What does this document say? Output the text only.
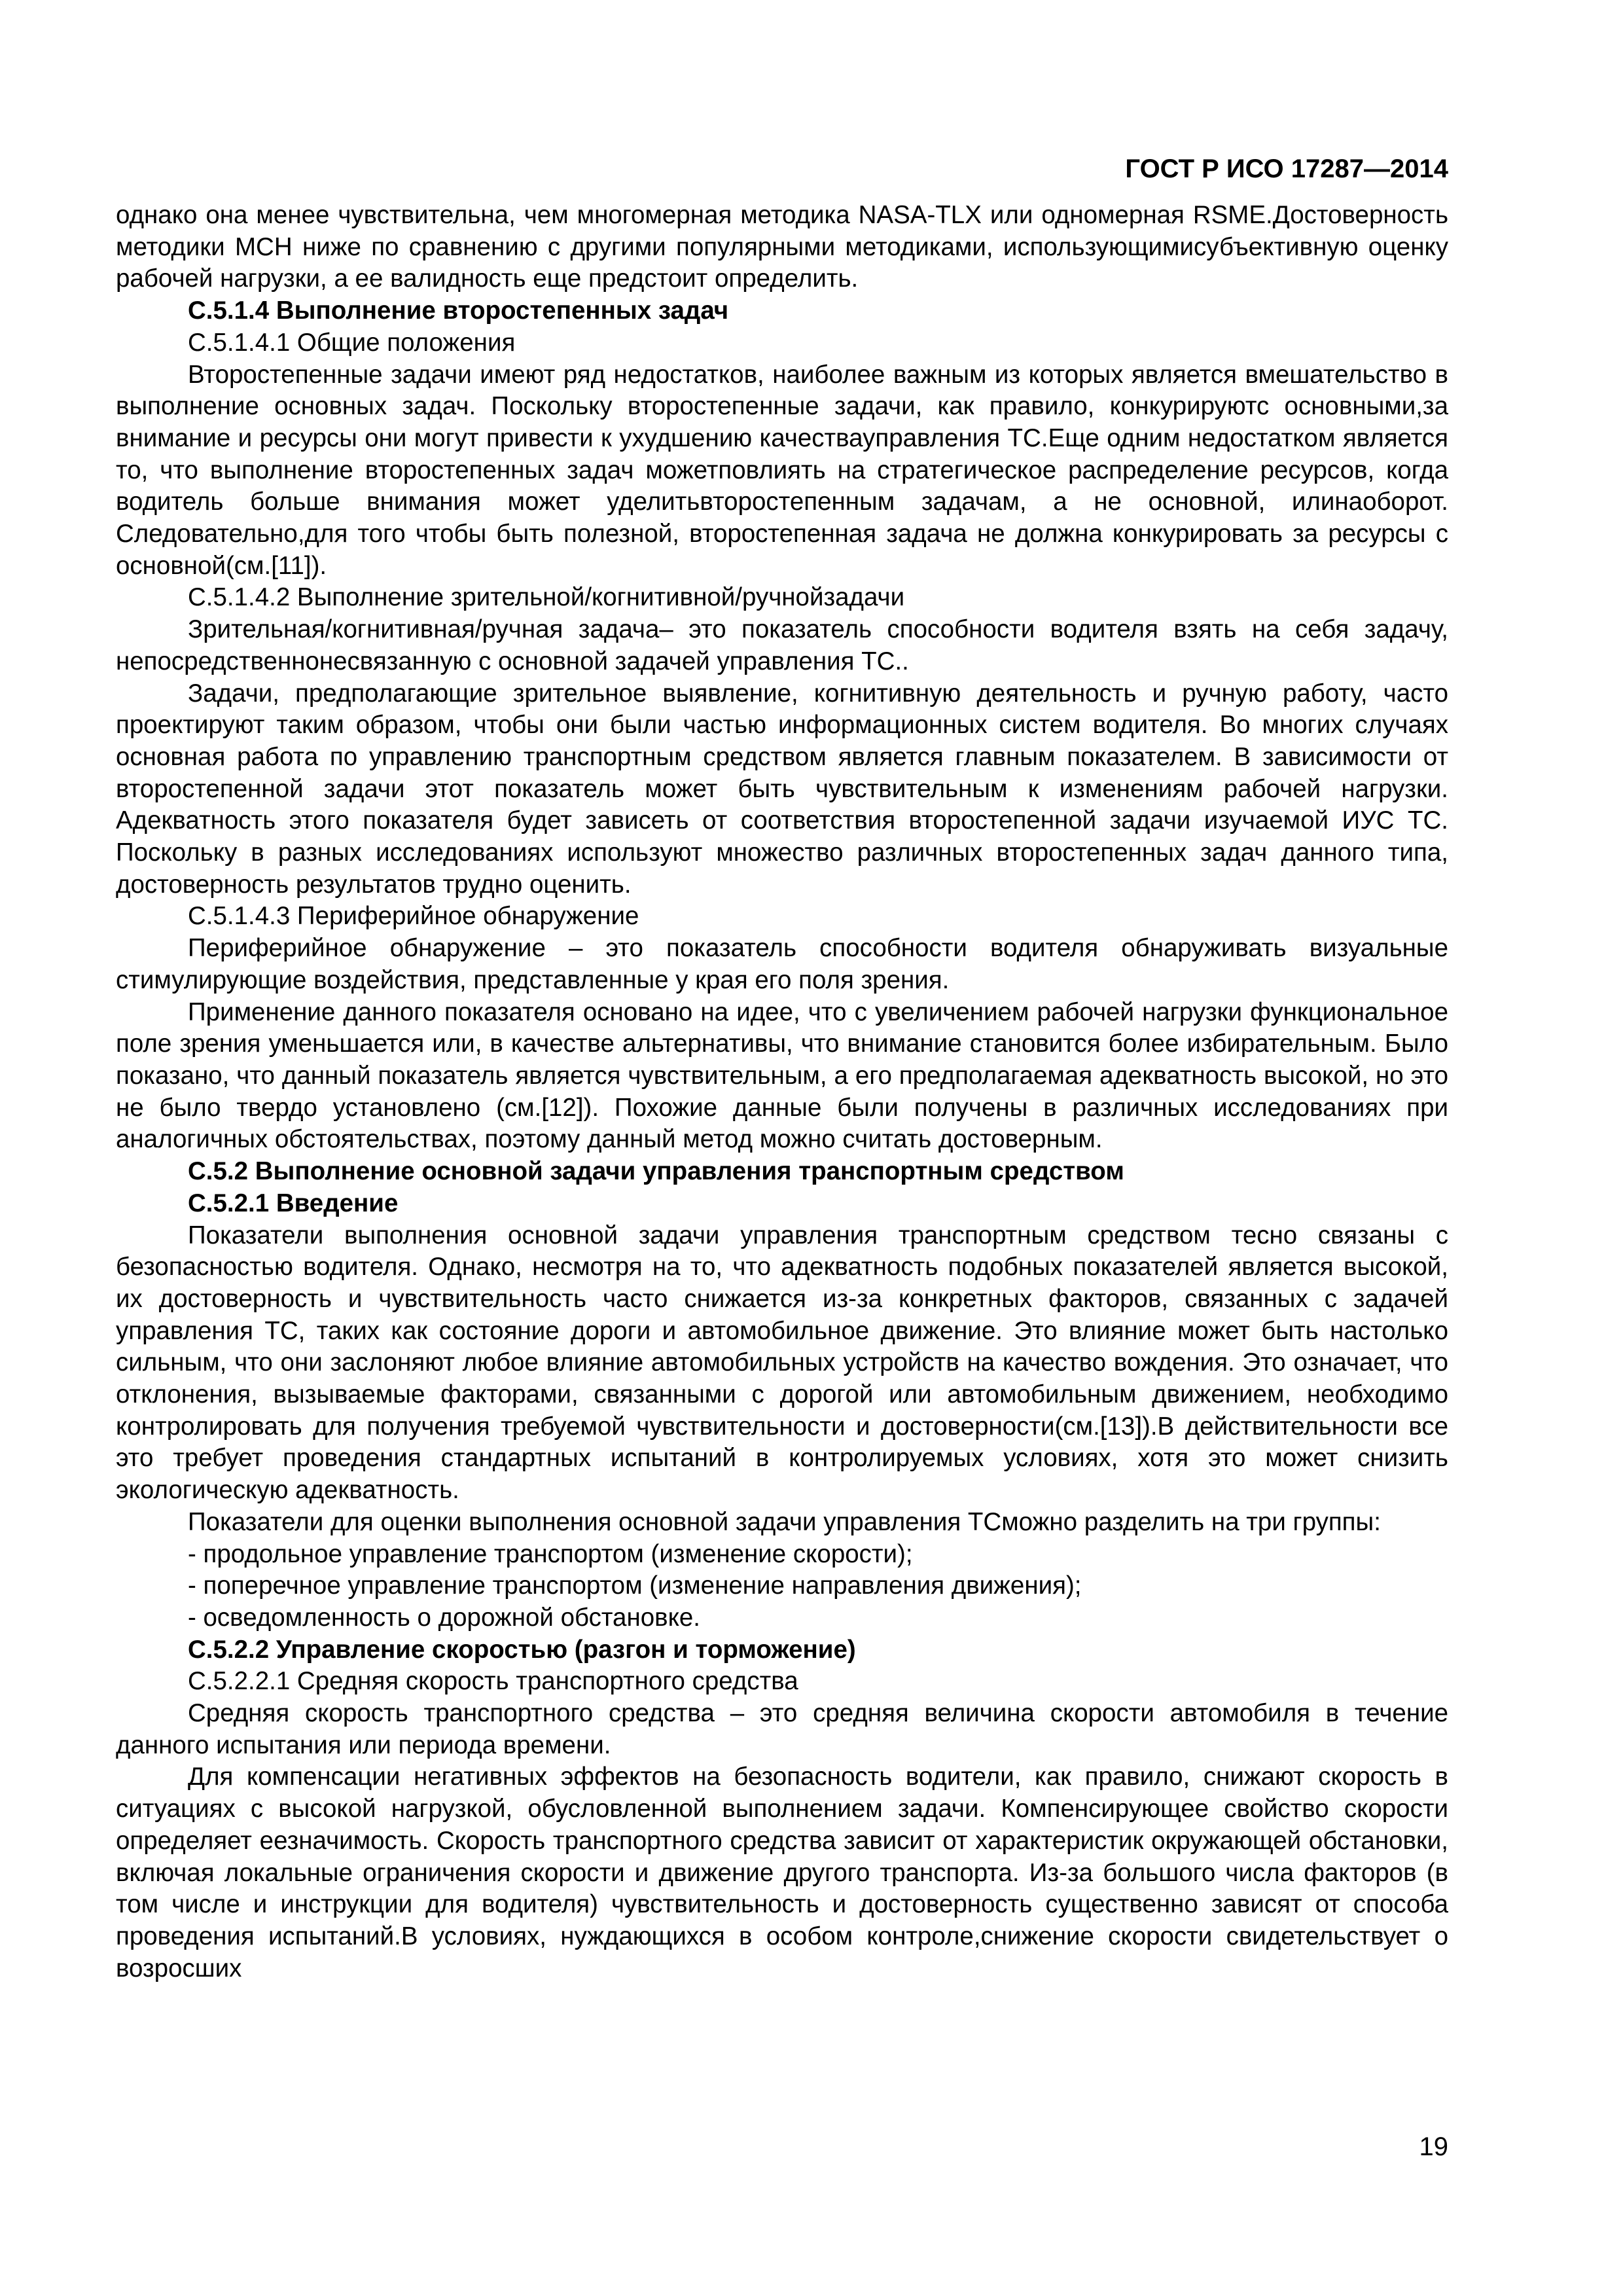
ГОСТ Р ИСО 17287—2014

однако она менее чувствительна, чем многомерная методика NASA-TLX или одномерная RSME.Достоверность методики MCH ниже по сравнению с другими популярными методиками, использующимисубъективную оценку рабочей нагрузки, а ее валидность еще предстоит определить.

С.5.1.4 Выполнение второстепенных задач

С.5.1.4.1 Общие положения

Второстепенные задачи имеют ряд недостатков, наиболее важным из которых является вмешательство в выполнение основных задач. Поскольку второстепенные задачи, как правило, конкурируютс основными,за внимание и ресурсы они могут привести к ухудшению качествауправления ТС.Еще одним недостатком является то, что выполнение второстепенных задач можетповлиять на стратегическое распределение ресурсов, когда водитель больше внимания может уделитьвторостепенным задачам, а не основной, илинаоборот. Следовательно,для того чтобы быть полезной, второстепенная задача не должна конкурировать за ресурсы с основной(см.[11]).

С.5.1.4.2 Выполнение зрительной/когнитивной/ручнойзадачи

Зрительная/когнитивная/ручная задача– это показатель способности водителя взять на себя задачу, непосредственнонесвязанную с основной задачей управления ТС..

Задачи, предполагающие зрительное выявление, когнитивную деятельность и ручную работу, часто проектируют таким образом, чтобы они были частью информационных систем водителя. Во многих случаях основная работа по управлению транспортным средством является главным показателем. В зависимости от второстепенной задачи этот показатель может быть чувствительным к изменениям рабочей нагрузки. Адекватность этого показателя будет зависеть от соответствия второстепенной задачи изучаемой ИУС ТС. Поскольку в разных исследованиях используют множество различных второстепенных задач данного типа, достоверность результатов трудно оценить.

С.5.1.4.3 Периферийное обнаружение

Периферийное обнаружение – это показатель способности водителя обнаруживать визуальные стимулирующие воздействия, представленные у края его поля зрения.

Применение данного показателя основано на идее, что с увеличением рабочей нагрузки функциональное поле зрения уменьшается или, в качестве альтернативы, что внимание становится более избирательным. Было показано, что данный показатель является чувствительным, а его предполагаемая адекватность высокой, но это не было твердо установлено (см.[12]). Похожие данные были получены в различных исследованиях при аналогичных обстоятельствах, поэтому данный метод можно считать достоверным.

С.5.2 Выполнение основной задачи управления транспортным средством

С.5.2.1 Введение

Показатели выполнения основной задачи управления транспортным средством тесно связаны с безопасностью водителя. Однако, несмотря на то, что адекватность подобных показателей является высокой, их достоверность и чувствительность часто снижается из-за конкретных факторов, связанных с задачей управления ТС, таких как состояние дороги и автомобильное движение. Это влияние может быть настолько сильным, что они заслоняют любое влияние автомобильных устройств на качество вождения. Это означает, что отклонения, вызываемые факторами, связанными с дорогой или автомобильным движением, необходимо контролировать для получения требуемой чувствительности и достоверности(см.[13]).В действительности все это требует проведения стандартных испытаний в контролируемых условиях, хотя это может снизить экологическую адекватность.

Показатели для оценки выполнения основной задачи управления ТСможно разделить на три группы:

- продольное управление транспортом (изменение скорости);

- поперечное управление транспортом (изменение направления движения);

- осведомленность о дорожной обстановке.

С.5.2.2 Управление скоростью (разгон и торможение)

С.5.2.2.1 Средняя скорость транспортного средства

Средняя скорость транспортного средства – это средняя величина скорости автомобиля в течение данного испытания или периода времени.

Для компенсации негативных эффектов на безопасность водители, как правило, снижают скорость в ситуациях с высокой нагрузкой, обусловленной выполнением задачи. Компенсирующее свойство скорости определяет еезначимость. Скорость транспортного средства зависит от характеристик окружающей обстановки, включая локальные ограничения скорости и движение другого транспорта. Из-за большого числа факторов (в том числе и инструкции для водителя) чувствительность и достоверность существенно зависят от способа проведения испытаний.В условиях, нуждающихся в особом контроле,снижение скорости свидетельствует о возросших

19
